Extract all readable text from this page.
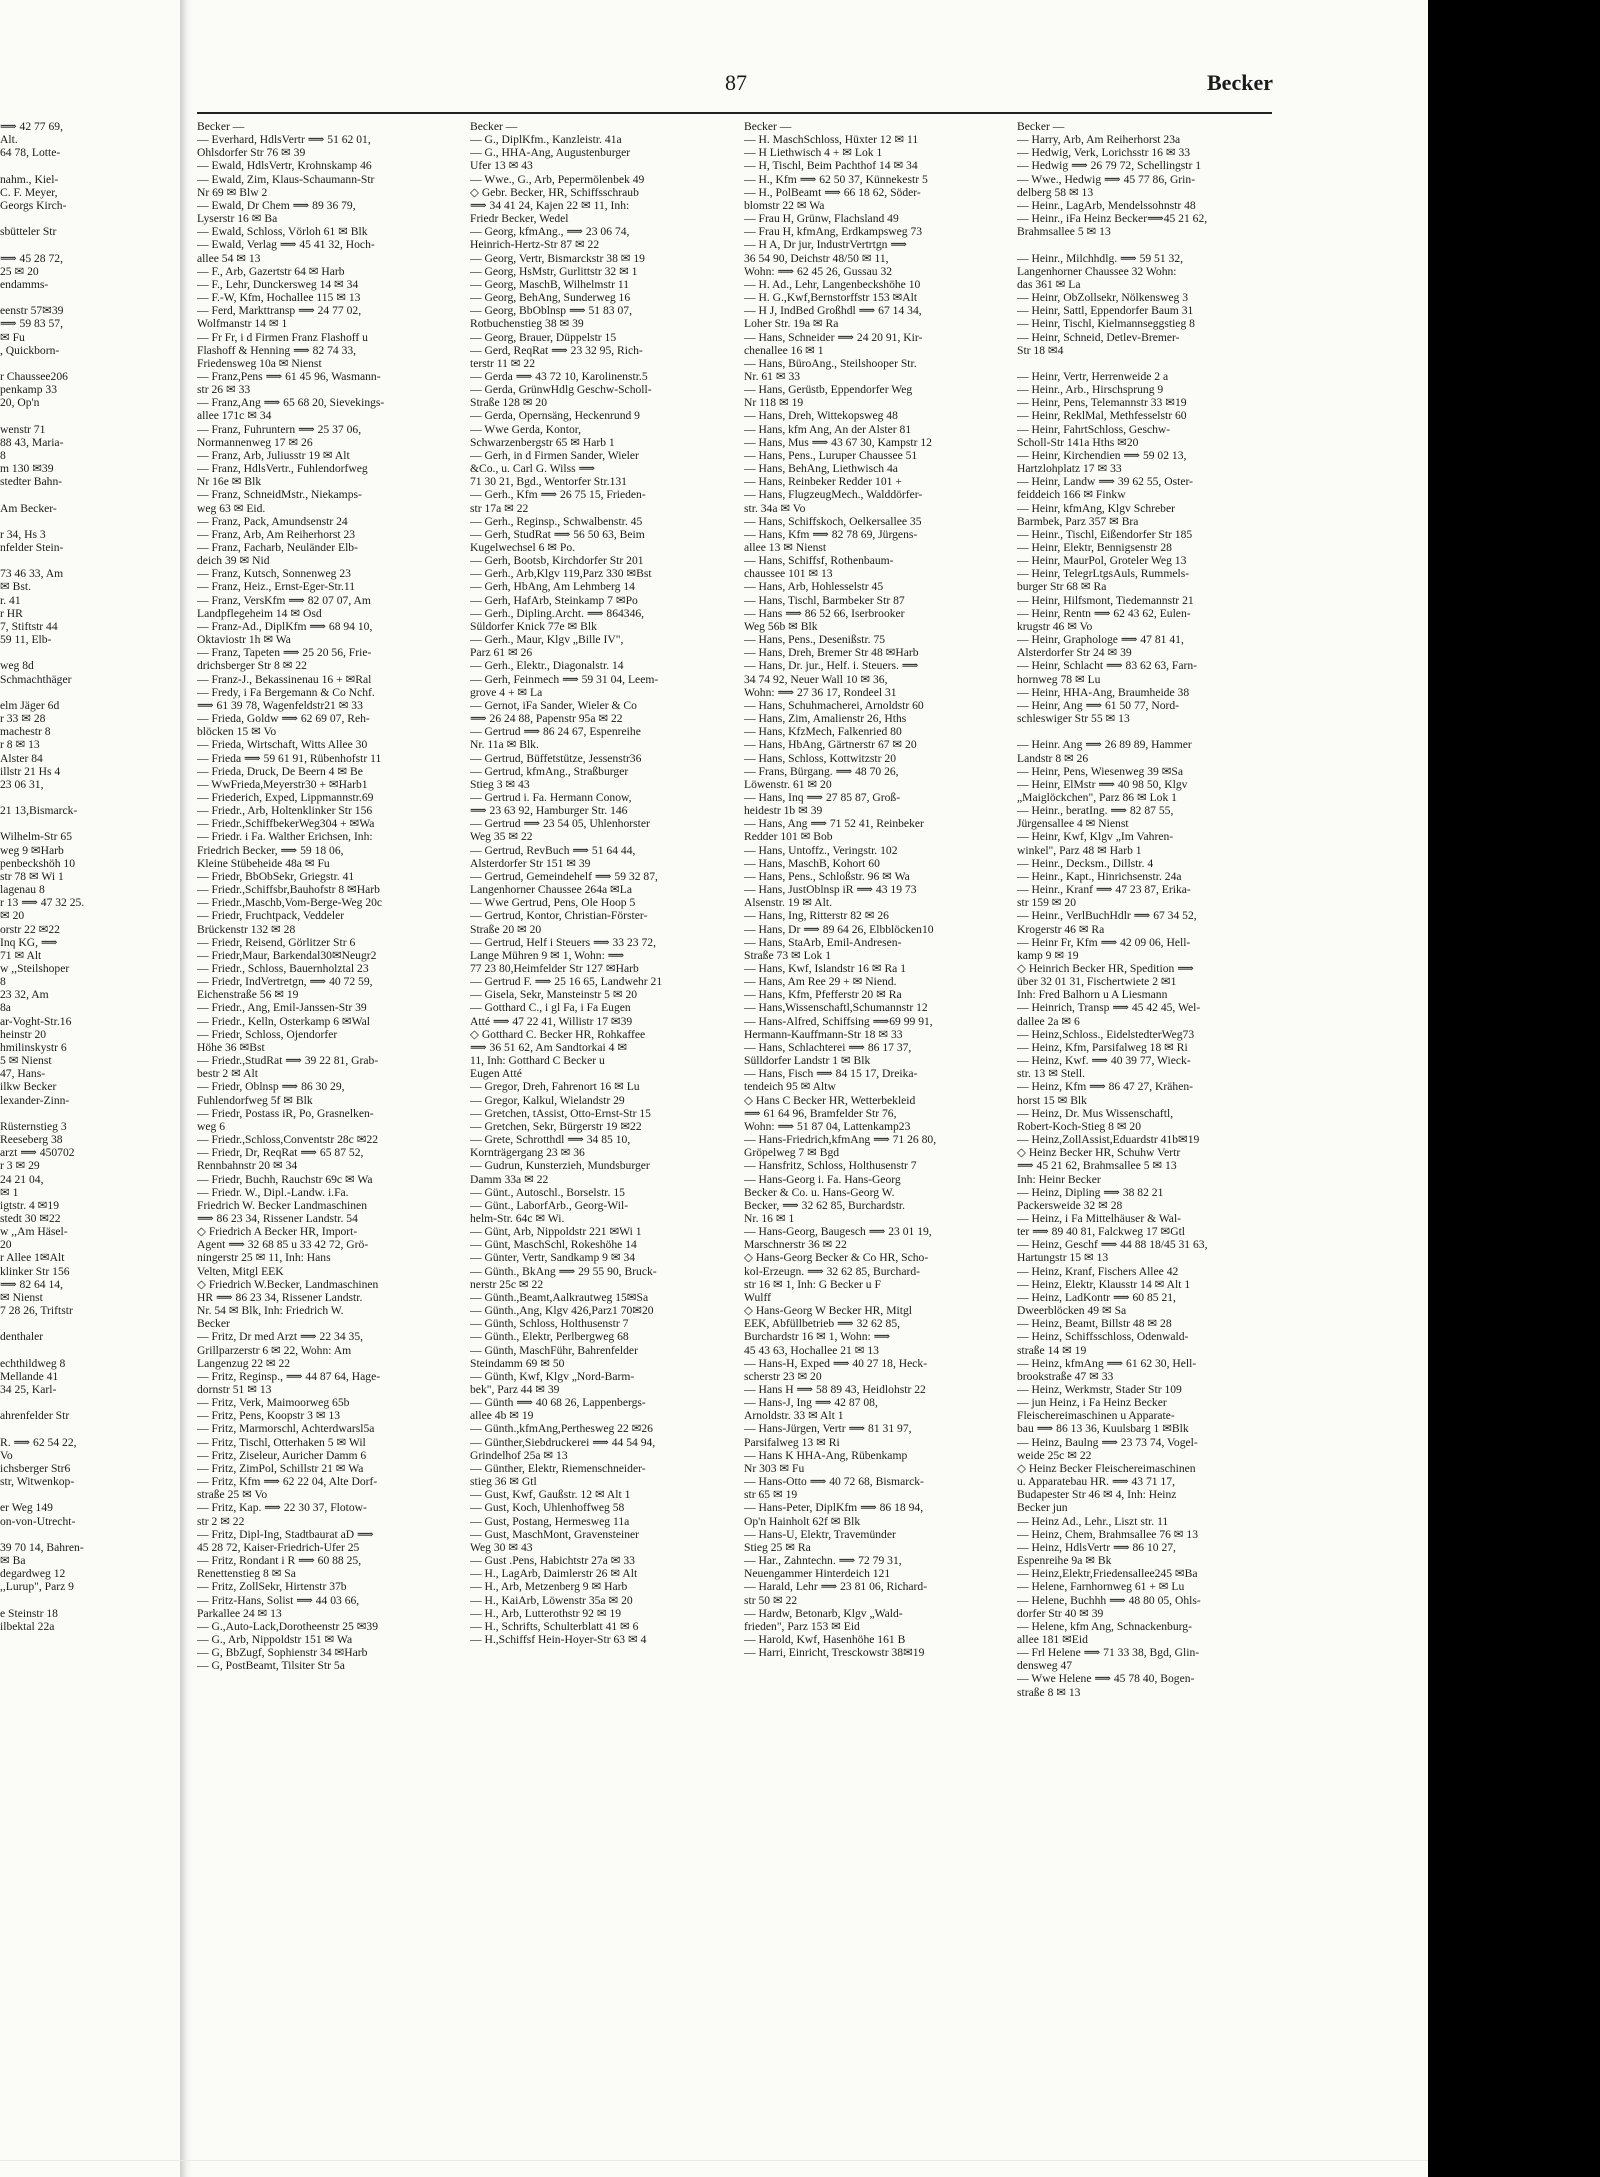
87	Becker
⟹ 42 77 69,
Alt.
64 78, Lotte-

nahm., Kiel-
C. F. Meyer,
Georgs Kirch-

sbütteler Str

⟹ 45 28 72,
25 ✉ 20
endamms-

eenstr 57✉39
⟹ 59 83 57,
✉ Fu
, Quickborn-

r Chaussee206
penkamp 33
20, Op'n

wenstr 71
88 43, Maria-
8
m 130 ✉39
stedter Bahn-

Am Becker-

r 34, Hs 3
nfelder Stein-

73 46 33, Am
✉ Bst.
r. 41
r HR
7, Stiftstr 44
59 11, Elb-

weg 8d
Schmachthäger

elm Jäger 6d
r 33 ✉ 28
machestr 8
r 8 ✉ 13
Alster 84
illstr 21 Hs 4
23 06 31,

21 13,Bismarck-

Wilhelm-Str 65
weg 9 ✉Harb
penbeckshöh 10
str 78 ✉ Wi 1
lagenau 8
r 13 ⟹ 47 32 25.
✉ 20
orstr 22 ✉22
Inq KG, ⟹
71 ✉ Alt
w ,,Steilshoper
8
23 32, Am
8a
ar-Voght-Str.16
heinstr 20
hmilinskystr 6
5 ✉ Nienst
47, Hans-
ilkw Becker
lexander-Zinn-

Rüsternstieg 3
Reeseberg 38
arzt ⟹ 450702
r 3 ✉ 29
24 21 04,
✉ 1
igtstr. 4 ✉19
stedt 30 ✉22
w ,,Am Häsel-
20
r Allee 1✉Alt
klinker Str 156
⟹ 82 64 14,
✉ Nienst
7 28 26, Triftstr

denthaler

echthildweg 8
Mellande 41
34 25, Karl-

ahrenfelder Str

R. ⟹ 62 54 22,
Vo
ichsberger Str6
str, Witwenkop-

er Weg 149
on-von-Utrecht-

39 70 14, Bahren-
✉ Ba
degardweg 12
,,Lurup", Parz 9

e Steinstr 18
ilbektal 22a
Becker —
— Everhard, HdlsVertr ⟹ 51 62 01,
Ohlsdorfer Str 76 ✉ 39
— Ewald, HdlsVertr, Krohnskamp 46
— Ewald, Zim, Klaus-Schaumann-Str
Nr 69 ✉ Blw 2
— Ewald, Dr Chem ⟹ 89 36 79,
Lyserstr 16 ✉ Ba
— Ewald, Schloss, Vörloh 61 ✉ Blk
— Ewald, Verlag ⟹ 45 41 32, Hoch-
allee 54 ✉ 13
— F., Arb, Gazertstr 64 ✉ Harb
— F., Lehr, Dunckersweg 14 ✉ 34
— F.-W, Kfm, Hochallee 115 ✉ 13
— Ferd, Markttransp ⟹ 24 77 02,
Wolfmanstr 14 ✉ 1
— Fr Fr, i d Firmen Franz Flashoff u
Flashoff & Henning ⟹ 82 74 33,
Friedensweg 10a ✉ Nienst
— Franz,Pens ⟹ 61 45 96, Wasmann-
str 26 ✉ 33
— Franz,Ang ⟹ 65 68 20, Sievekings-
allee 171c ✉ 34
— Franz, Fuhruntern ⟹ 25 37 06,
Normannenweg 17 ✉ 26
— Franz, Arb, Juliusstr 19 ✉ Alt
— Franz, HdlsVertr., Fuhlendorfweg
Nr 16e ✉ Blk
— Franz, SchneidMstr., Niekamps-
weg 63 ✉ Eid.
— Franz, Pack, Amundsenstr 24
— Franz, Arb, Am Reiherhorst 23
— Franz, Facharb, Neuländer Elb-
deich 39 ✉ Nid
— Franz, Kutsch, Sonnenweg 23
— Franz, Heiz., Ernst-Eger-Str.11
— Franz, VersKfm ⟹ 82 07 07, Am
Landpflegeheim 14 ✉ Osd
— Franz-Ad., DiplKfm ⟹ 68 94 10,
Oktaviostr 1h ✉ Wa
— Franz, Tapeten ⟹ 25 20 56, Frie-
drichsberger Str 8 ✉ 22
— Franz-J., Bekassinenau 16 + ✉Ral
— Fredy, i Fa Bergemann & Co Nchf.
⟹ 61 39 78, Wagenfeldstr21 ✉ 33
— Frieda, Goldw ⟹ 62 69 07, Reh-
blöcken 15 ✉ Vo
— Frieda, Wirtschaft, Witts Allee 30
— Frieda ⟹ 59 61 91, Rübenhofstr 11
— Frieda, Druck, De Beern 4 ✉ Be
— WwFrieda,Meyerstr30 + ✉Harb1
— Friederich, Exped, Lippmannstr.69
— Friedr., Arb, Holtenklinker Str 156
— Friedr.,SchiffbekerWeg304 + ✉Wa
— Friedr. i Fa. Walther Erichsen, Inh:
Friedrich Becker, ⟹ 59 18 06,
Kleine Stübeheide 48a ✉ Fu
— Friedr, BbObSekr, Griegstr. 41
— Friedr.,Schiffsbr,Bauhofstr 8 ✉Harb
— Friedr.,Maschb,Vom-Berge-Weg 20c
— Friedr, Fruchtpack, Veddeler
Brückenstr 132 ✉ 28
— Friedr, Reisend, Görlitzer Str 6
— Friedr,Maur, Barkendal30✉Neugr2
— Friedr., Schloss, Bauernholztal 23
— Friedr, IndVertretgn, ⟹ 40 72 59,
Eichenstraße 56 ✉ 19
— Friedr., Ang, Emil-Janssen-Str 39
— Friedr., Kelln, Osterkamp 6 ✉Wal
— Friedr, Schloss, Ojendorfer
Höhe 36 ✉Bst
— Friedr.,StudRat ⟹ 39 22 81, Grab-
bestr 2 ✉ Alt
— Friedr, Oblnsp ⟹ 86 30 29,
Fuhlendorfweg 5f ✉ Blk
— Friedr, Postass iR, Po, Grasnelken-
weg 6
— Friedr.,Schloss,Conventstr 28c ✉22
— Friedr, Dr, ReqRat ⟹ 65 87 52,
Rennbahnstr 20 ✉ 34
— Friedr, Buchh, Rauchstr 69c ✉ Wa
— Friedr. W., Dipl.-Landw. i.Fa.
Friedrich W. Becker Landmaschinen
⟹ 86 23 34, Rissener Landstr. 54
◇ Friedrich A Becker HR, Import-
Agent ⟹ 32 68 85 u 33 42 72, Grö-
ningerstr 25 ✉ 11, Inh: Hans
Velten, Mitgl EEK
◇ Friedrich W.Becker, Landmaschinen
HR ⟹ 86 23 34, Rissener Landstr.
Nr. 54 ✉ Blk, Inh: Friedrich W.
Becker
— Fritz, Dr med Arzt ⟹ 22 34 35,
Grillparzerstr 6 ✉ 22, Wohn: Am
Langenzug 22 ✉ 22
— Fritz, Reginsp., ⟹ 44 87 64, Hage-
dornstr 51 ✉ 13
— Fritz, Verk, Maimoorweg 65b
— Fritz, Pens, Koopstr 3 ✉ 13
— Fritz, Marmorschl, Achterdwarsl5a
— Fritz, Tischl, Otterhaken 5 ✉ Wil
— Fritz, Ziseleur, Auricher Damm 6
— Fritz, ZimPol, Schillstr 21 ✉ Wa
— Fritz, Kfm ⟹ 62 22 04, Alte Dorf-
straße 25 ✉ Vo
— Fritz, Kap. ⟹ 22 30 37, Flotow-
str 2 ✉ 22
— Fritz, Dipl-Ing, Stadtbaurat aD ⟹
45 28 72, Kaiser-Friedrich-Ufer 25
— Fritz, Rondant i R ⟹ 60 88 25,
Renettenstieg 8 ✉ Sa
— Fritz, ZollSekr, Hirtenstr 37b
— Fritz-Hans, Solist ⟹ 44 03 66,
Parkallee 24 ✉ 13
— G.,Auto-Lack,Dorotheenstr 25 ✉39
— G., Arb, Nippoldstr 151 ✉ Wa
— G, BbZugf, Sophienstr 34 ✉Harb
— G, PostBeamt, Tilsiter Str 5a
Becker —
— G., DiplKfm., Kanzleistr. 41a
— G., HHA-Ang, Augustenburger
Ufer 13 ✉ 43
— Wwe., G., Arb, Pepermölenbek 49
◇ Gebr. Becker, HR, Schiffsschraub
⟹ 34 41 24, Kajen 22 ✉ 11, Inh:
Friedr Becker, Wedel
— Georg, kfmAng., ⟹ 23 06 74,
Heinrich-Hertz-Str 87 ✉ 22
— Georg, Vertr, Bismarckstr 38 ✉ 19
— Georg, HsMstr, Gurlittstr 32 ✉ 1
— Georg, MaschB, Wilhelmstr 11
— Georg, BehAng, Sunderweg 16
— Georg, BbOblnsp ⟹ 51 83 07,
Rotbuchenstieg 38 ✉ 39
— Georg, Brauer, Düppelstr 15
— Gerd, ReqRat ⟹ 23 32 95, Rich-
terstr 11 ✉ 22
— Gerda ⟹ 43 72 10, Karolinenstr.5
— Gerda, GrünwHdlg Geschw-Scholl-
Straße 128 ✉ 20
— Gerda, Opernsäng, Heckenrund 9
— Wwe Gerda, Kontor,
Schwarzenbergstr 65 ✉ Harb 1
— Gerh, in d Firmen Sander, Wieler
&Co., u. Carl G. Wilss ⟹
71 30 21, Bgd., Wentorfer Str.131
— Gerh., Kfm ⟹ 26 75 15, Frieden-
str 17a ✉ 22
— Gerh., Reginsp., Schwalbenstr. 45
— Gerh, StudRat ⟹ 56 50 63, Beim
Kugelwechsel 6 ✉ Po.
— Gerh, Bootsb, Kirchdorfer Str 201
— Gerh., Arb,Klgv 119,Parz 330 ✉Bst
— Gerh, HbAng, Am Lehmberg 14
— Gerh, HafArb, Steinkamp 7 ✉Po
— Gerh., Dipling.Archt. ⟹ 864346,
Süldorfer Knick 77e ✉ Blk
— Gerh., Maur, Klgv „Bille IV",
Parz 61 ✉ 26
— Gerh., Elektr., Diagonalstr. 14
— Gerh, Feinmech ⟹ 59 31 04, Leem-
grove 4 + ✉ La
— Gernot, iFa Sander, Wieler & Co
⟹ 26 24 88, Papenstr 95a ✉ 22
— Gertrud ⟹ 86 24 67, Espenreihe
Nr. 11a ✉ Blk.
— Gertrud, Büffetstütze, Jessenstr36
— Gertrud, kfmAng., Straßburger
Stieg 3 ✉ 43
— Gertrud i. Fa. Hermann Conow,
⟹ 23 63 92, Hamburger Str. 146
— Gertrud ⟹ 23 54 05, Uhlenhorster
Weg 35 ✉ 22
— Gertrud, RevBuch ⟹ 51 64 44,
Alsterdorfer Str 151 ✉ 39
— Gertrud, Gemeindehelf ⟹ 59 32 87,
Langenhorner Chaussee 264a ✉La
— Wwe Gertrud, Pens, Ole Hoop 5
— Gertrud, Kontor, Christian-Förster-
Straße 20 ✉ 20
— Gertrud, Helf i Steuers ⟹ 33 23 72,
Lange Mühren 9 ✉ 1, Wohn: ⟹
77 23 80,Heimfelder Str 127 ✉Harb
— Gertrud F. ⟹ 25 16 65, Landwehr 21
— Gisela, Sekr, Mansteinstr 5 ✉ 20
— Gotthard C., i gl Fa, i Fa Eugen
Atté ⟹ 47 22 41, Willistr 17 ✉39
◇ Gotthard C. Becker HR, Rohkaffee
⟹ 36 51 62, Am Sandtorkai 4 ✉
11, Inh: Gotthard C Becker u
Eugen Atté
— Gregor, Dreh, Fahrenort 16 ✉ Lu
— Gregor, Kalkul, Wielandstr 29
— Gretchen, tAssist, Otto-Ernst-Str 15
— Gretchen, Sekr, Bürgerstr 19 ✉22
— Grete, Schrotthdl ⟹ 34 85 10,
Kornträgergang 23 ✉ 36
— Gudrun, Kunsterzieh, Mundsburger
Damm 33a ✉ 22
— Günt., Autoschl., Borselstr. 15
— Günt., LaborfArb., Georg-Wil-
helm-Str. 64c ✉ Wi.
— Günt, Arb, Nippoldstr 221 ✉Wi 1
— Günt, MaschSchl, Rokeshöhe 14
— Günter, Vertr, Sandkamp 9 ✉ 34
— Günth., BkAng ⟹ 29 55 90, Bruck-
nerstr 25c ✉ 22
— Günth.,Beamt,Aalkrautweg 15✉Sa
— Günth.,Ang, Klgv 426,Parz1 70✉20
— Günth, Schloss, Holthusenstr 7
— Günth., Elektr, Perlbergweg 68
— Günth, MaschFühr, Bahrenfelder
Steindamm 69 ✉ 50
— Günth, Kwf, Klgv „Nord-Barm-
bek", Parz 44 ✉ 39
— Günth ⟹ 40 68 26, Lappenbergs-
allee 4b ✉ 19
— Günth.,kfmAng,Perthesweg 22 ✉26
— Günther,Siebdruckerei ⟹ 44 54 94,
Grindelhof 25a ✉ 13
— Günther, Elektr, Riemenschneider-
stieg 36 ✉ Gtl
— Gust, Kwf, Gaußstr. 12 ✉ Alt 1
— Gust, Koch, Uhlenhoffweg 58
— Gust, Postang, Hermesweg 11a
— Gust, MaschMont, Gravensteiner
Weg 30 ✉ 43
— Gust .Pens, Habichtstr 27a ✉ 33
— H., LagArb, Daimlerstr 26 ✉ Alt
— H., Arb, Metzenberg 9 ✉ Harb
— H., KaiArb, Löwenstr 35a ✉ 20
— H., Arb, Lutterothstr 92 ✉ 19
— H., Schrifts, Schulterblatt 41 ✉ 6
— H.,Schiffsf Hein-Hoyer-Str 63 ✉ 4
Becker —
— H. MaschSchloss, Hüxter 12 ✉ 11
— H Liethwisch 4 + ✉ Lok 1
— H, Tischl, Beim Pachthof 14 ✉ 34
— H., Kfm ⟹ 62 50 37, Künnekestr 5
— H., PolBeamt ⟹ 66 18 62, Söder-
blomstr 22 ✉ Wa
— Frau H, Grünw, Flachsland 49
— Frau H, kfmAng, Erdkampsweg 73
— H A, Dr jur, IndustrVertrtgn ⟹
36 54 90, Deichstr 48/50 ✉ 11,
Wohn: ⟹ 62 45 26, Gussau 32
— H. Ad., Lehr, Langenbeckshöhe 10
— H. G.,Kwf,Bernstorffstr 153 ✉Alt
— H J, IndBed Großhdl ⟹ 67 14 34,
Loher Str. 19a ✉ Ra
— Hans, Schneider ⟹ 24 20 91, Kir-
chenallee 16 ✉ 1
— Hans, BüroAng., Steilshooper Str.
Nr. 61 ✉ 33
— Hans, Gerüstb, Eppendorfer Weg
Nr 118 ✉ 19
— Hans, Dreh, Wittekopsweg 48
— Hans, kfm Ang, An der Alster 81
— Hans, Mus ⟹ 43 67 30, Kampstr 12
— Hans, Pens., Luruper Chaussee 51
— Hans, BehAng, Liethwisch 4a
— Hans, Reinbeker Redder 101 +
— Hans, FlugzeugMech., Walddörfer-
str. 34a ✉ Vo
— Hans, Schiffskoch, Oelkersallee 35
— Hans, Kfm ⟹ 82 78 69, Jürgens-
allee 13 ✉ Nienst
— Hans, Schiffsf, Rothenbaum-
chaussee 101 ✉ 13
— Hans, Arb, Hohlesselstr 45
— Hans, Tischl, Barmbeker Str 87
— Hans ⟹ 86 52 66, Iserbrooker
Weg 56b ✉ Blk
— Hans, Pens., Desenißstr. 75
— Hans, Dreh, Bremer Str 48 ✉Harb
— Hans, Dr. jur., Helf. i. Steuers. ⟹
34 74 92, Neuer Wall 10 ✉ 36,
Wohn: ⟹ 27 36 17, Rondeel 31
— Hans, Schuhmacherei, Arnoldstr 60
— Hans, Zim, Amalienstr 26, Hths
— Hans, KfzMech, Falkenried 80
— Hans, HbAng, Gärtnerstr 67 ✉ 20
— Hans, Schloss, Kottwitzstr 20
— Frans, Bürgang. ⟹ 48 70 26,
Löwenstr. 61 ✉ 20
— Hans, Inq ⟹ 27 85 87, Groß-
heidestr 1b ✉ 39
— Hans, Ang ⟹ 71 52 41, Reinbeker
Redder 101 ✉ Bob
— Hans, Untoffz., Veringstr. 102
— Hans, MaschB, Kohort 60
— Hans, Pens., Schloßstr. 96 ✉ Wa
— Hans, JustOblnsp iR ⟹ 43 19 73
Alsenstr. 19 ✉ Alt.
— Hans, Ing, Ritterstr 82 ✉ 26
— Hans, Dr ⟹ 89 64 26, Elbblöcken10
— Hans, StaArb, Emil-Andresen-
Straße 73 ✉ Lok 1
— Hans, Kwf, Islandstr 16 ✉ Ra 1
— Hans, Am Ree 29 + ✉ Niend.
— Hans, Kfm, Pfefferstr 20 ✉ Ra
— Hans,Wissenschaftl,Schumannstr 12
— Hans-Alfred, Schiffsing ⟹69 99 91,
Hermann-Kauffmann-Str 18 ✉ 33
— Hans, Schlachterei ⟹ 86 17 37,
Sülldorfer Landstr 1 ✉ Blk
— Hans, Fisch ⟹ 84 15 17, Dreika-
tendeich 95 ✉ Altw
◇ Hans C Becker HR, Wetterbekleid
⟹ 61 64 96, Bramfelder Str 76,
Wohn: ⟹ 51 87 04, Lattenkamp23
— Hans-Friedrich,kfmAng ⟹ 71 26 80,
Gröpelweg 7 ✉ Bgd
— Hansfritz, Schloss, Holthusenstr 7
— Hans-Georg i. Fa. Hans-Georg
Becker & Co. u. Hans-Georg W.
Becker, ⟹ 32 62 85, Burchardstr.
Nr. 16 ✉ 1
— Hans-Georg, Baugesch ⟹ 23 01 19,
Marschnerstr 36 ✉ 22
◇ Hans-Georg Becker & Co HR, Scho-
kol-Erzeugn. ⟹ 32 62 85, Burchard-
str 16 ✉ 1, Inh: G Becker u F
Wulff
◇ Hans-Georg W Becker HR, Mitgl
EEK, Abfüllbetrieb ⟹ 32 62 85,
Burchardstr 16 ✉ 1, Wohn: ⟹
45 43 63, Hochallee 21 ✉ 13
— Hans-H, Exped ⟹ 40 27 18, Heck-
scherstr 23 ✉ 20
— Hans H ⟹ 58 89 43, Heidlohstr 22
— Hans-J, Ing ⟹ 42 87 08,
Arnoldstr. 33 ✉ Alt 1
— Hans-Jürgen, Vertr ⟹ 81 31 97,
Parsifalweg 13 ✉ Ri
— Hans K HHA-Ang, Rübenkamp
Nr 303 ✉ Fu
— Hans-Otto ⟹ 40 72 68, Bismarck-
str 65 ✉ 19
— Hans-Peter, DiplKfm ⟹ 86 18 94,
Op'n Hainholt 62f ✉ Blk
— Hans-U, Elektr, Travemünder
Stieg 25 ✉ Ra
— Har., Zahntechn. ⟹ 72 79 31,
Neuengammer Hinterdeich 121
— Harald, Lehr ⟹ 23 81 06, Richard-
str 50 ✉ 22
— Hardw, Betonarb, Klgv „Wald-
frieden", Parz 153 ✉ Eid
— Harold, Kwf, Hasenhöhe 161 B
— Harri, Einricht, Tresckowstr 38✉19
Becker —
— Harry, Arb, Am Reiherhorst 23a
— Hedwig, Verk, Lorichsstr 16 ✉ 33
— Hedwig ⟹ 26 79 72, Schellingstr 1
— Wwe., Hedwig ⟹ 45 77 86, Grin-
delberg 58 ✉ 13
— Heinr., LagArb, Mendelssohnstr 48
— Heinr., iFa Heinz Becker⟹45 21 62,
Brahmsallee 5 ✉ 13

— Heinr., Milchhdlg. ⟹ 59 51 32,
Langenhorner Chaussee 32 Wohn:
das 361 ✉ La
— Heinr, ObZollsekr, Nölkensweg 3
— Heinr, Sattl, Eppendorfer Baum 31
— Heinr, Tischl, Kielmannseggstieg 8
— Heinr, Schneid, Detlev-Bremer-
Str 18 ✉4

— Heinr, Vertr, Herrenweide 2 a
— Heinr., Arb., Hirschsprung 9
— Heinr, Pens, Telemannstr 33 ✉19
— Heinr, ReklMal, Methfesselstr 60
— Heinr, FahrtSchloss, Geschw-
Scholl-Str 141a Hths ✉20
— Heinr, Kirchendien ⟹ 59 02 13,
Hartzlohplatz 17 ✉ 33
— Heinr, Landw ⟹ 39 62 55, Oster-
feiddeich 166 ✉ Finkw
— Heinr, kfmAng, Klgv Schreber
Barmbek, Parz 357 ✉ Bra
— Heinr., Tischl, Eißendorfer Str 185
— Heinr, Elektr, Bennigsenstr 28
— Heinr, MaurPol, Groteler Weg 13
— Heinr, TelegrLtgsAuls, Rummels-
burger Str 68 ✉ Ra
— Heinr, Hilfsmont, Tiedemannstr 21
— Heinr, Rentn ⟹ 62 43 62, Eulen-
krugstr 46 ✉ Vo
— Heinr, Graphologe ⟹ 47 81 41,
Alsterdorfer Str 24 ✉ 39
— Heinr, Schlacht ⟹ 83 62 63, Farn-
hornweg 78 ✉ Lu
— Heinr, HHA-Ang, Braumheide 38
— Heinr, Ang ⟹ 61 50 77, Nord-
schleswiger Str 55 ✉ 13

— Heinr. Ang ⟹ 26 89 89, Hammer
Landstr 8 ✉ 26
— Heinr, Pens, Wiesenweg 39 ✉Sa
— Heinr, ElMstr ⟹ 40 98 50, Klgv
„Maiglöckchen", Parz 86 ✉ Lok 1
— Heinr., beratIng. ⟹ 82 87 55,
Jürgensallee 4 ✉ Nienst
— Heinr, Kwf, Klgv „Im Vahren-
winkel", Parz 48 ✉ Harb 1
— Heinr., Decksm., Dillstr. 4
— Heinr., Kapt., Hinrichsenstr. 24a
— Heinr., Kranf ⟹ 47 23 87, Erika-
str 159 ✉ 20
— Heinr., VerlBuchHdlr ⟹ 67 34 52,
Krogerstr 46 ✉ Ra
— Heinr Fr, Kfm ⟹ 42 09 06, Hell-
kamp 9 ✉ 19
◇ Heinrich Becker HR, Spedition ⟹
über 32 01 31, Fischertwiete 2 ✉1
Inh: Fred Balhorn u A Liesmann
— Heinrich, Transp ⟹ 45 42 45, Wel-
dallee 2a ✉ 6
— Heinz,Schloss., EidelstedterWeg73
— Heinz, Kfm, Parsifalweg 18 ✉ Ri
— Heinz, Kwf. ⟹ 40 39 77, Wieck-
str. 13 ✉ Stell.
— Heinz, Kfm ⟹ 86 47 27, Krähen-
horst 15 ✉ Blk
— Heinz, Dr. Mus Wissenschaftl,
Robert-Koch-Stieg 8 ✉ 20
— Heinz,ZollAssist,Eduardstr 41b✉19
◇ Heinz Becker HR, Schuhw Vertr
⟹ 45 21 62, Brahmsallee 5 ✉ 13
Inh: Heinr Becker
— Heinz, Dipling ⟹ 38 82 21
Packersweide 32 ✉ 28
— Heinz, i Fa Mittelhäuser & Wal-
ter ⟹ 89 40 81, Falckweg 17 ✉Gtl
— Heinz, Geschf ⟹ 44 88 18/45 31 63,
Hartungstr 15 ✉ 13
— Heinz, Kranf, Fischers Allee 42
— Heinz, Elektr, Klausstr 14 ✉ Alt 1
— Heinz, LadKontr ⟹ 60 85 21,
Dweerblöcken 49 ✉ Sa
— Heinz, Beamt, Billstr 48 ✉ 28
— Heinz, Schiffsschloss, Odenwald-
straße 14 ✉ 19
— Heinz, kfmAng ⟹ 61 62 30, Hell-
brookstraße 47 ✉ 33
— Heinz, Werkmstr, Stader Str 109
— jun Heinz, i Fa Heinz Becker
Fleischereimaschinen u Apparate-
bau ⟹ 86 13 36, Kuulsbarg 1 ✉Blk
— Heinz, Baulng ⟹ 23 73 74, Vogel-
weide 25c ✉ 22
◇ Heinz Becker Fleischereimaschinen
u. Apparatebau HR. ⟹ 43 71 17,
Budapester Str 46 ✉ 4, Inh: Heinz
Becker jun
— Heinz Ad., Lehr., Liszt str. 11
— Heinz, Chem, Brahmsallee 76 ✉ 13
— Heinz, HdlsVertr ⟹ 86 10 27,
Espenreihe 9a ✉ Bk
— Heinz,Elektr,Friedensallee245 ✉Ba
— Helene, Farnhornweg 61 + ✉ Lu
— Helene, Buchhh ⟹ 48 80 05, Ohls-
dorfer Str 40 ✉ 39
— Helene, kfm Ang, Schnackenburg-
allee 181 ✉Eid
— Frl Helene ⟹ 71 33 38, Bgd, Glin-
densweg 47
— Wwe Helene ⟹ 45 78 40, Bogen-
straße 8 ✉ 13
